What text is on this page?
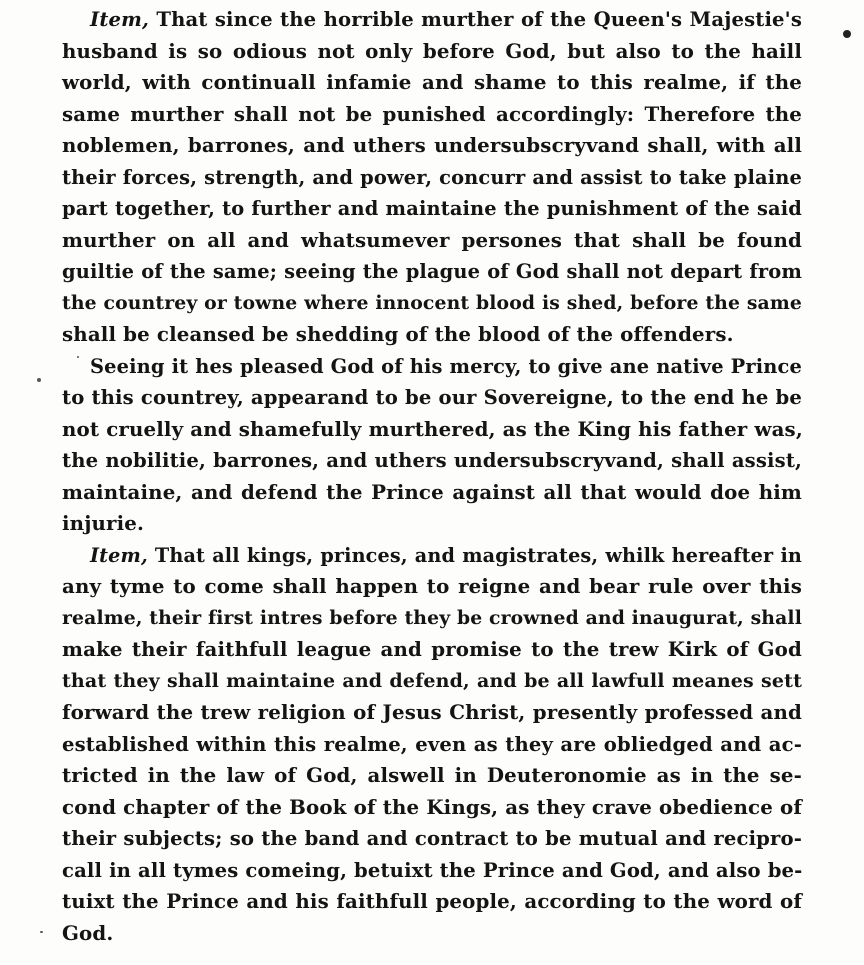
Item, That since the horrible murther of the Queen's Majestie's
husband is so odious not only before God, but also to the haill
world, with continuall infamie and shame to this realme, if the
same murther shall not be punished accordingly: Therefore the
noblemen, barrones, and uthers undersubscryvand shall, with all
their forces, strength, and power, concurr and assist to take plaine
part together, to further and maintaine the punishment of the said
murther on all and whatsumever persones that shall be found
guiltie of the same; seeing the plague of God shall not depart from
the countrey or towne where innocent blood is shed, before the same
shall be cleansed be shedding of the blood of the offenders.
Seeing it hes pleased God of his mercy, to give ane native Prince
to this countrey, appearand to be our Sovereigne, to the end he be
not cruelly and shamefully murthered, as the King his father was,
the nobilitie, barrones, and uthers undersubscryvand, shall assist,
maintaine, and defend the Prince against all that would doe him
injurie.
Item, That all kings, princes, and magistrates, whilk hereafter in
any tyme to come shall happen to reigne and bear rule over this
realme, their first intres before they be crowned and inaugurat, shall
make their faithfull league and promise to the trew Kirk of God
that they shall maintaine and defend, and be all lawfull meanes sett
forward the trew religion of Jesus Christ, presently professed and
established within this realme, even as they are obliedged and ac-
tricted in the law of God, alswell in Deuteronomie as in the se-
cond chapter of the Book of the Kings, as they crave obedience of
their subjects; so the band and contract to be mutual and recipro-
call in all tymes comeing, betuixt the Prince and God, and also be-
tuixt the Prince and his faithfull people, according to the word of
God.
